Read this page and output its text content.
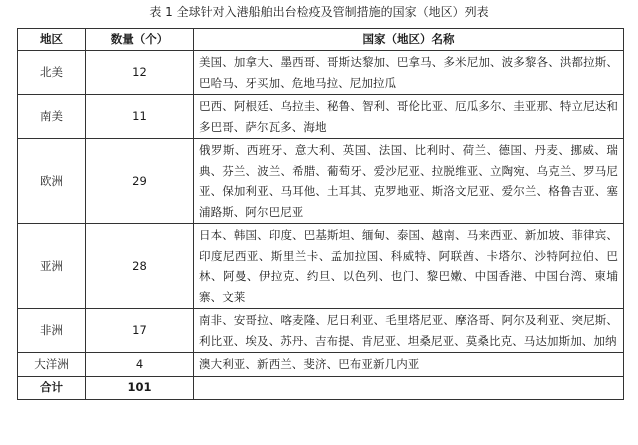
表 1 全球针对入港船舶出台检疫及管制措施的国家（地区）列表
地区	数量（个）	国家（地区）名称
北美	12	美国、加拿大、墨西哥、哥斯达黎加、巴拿马、多米尼加、波多黎各、洪都拉斯、巴哈马、牙买加、危地马拉、尼加拉瓜
南美	11	巴西、阿根廷、乌拉圭、秘鲁、智利、哥伦比亚、厄瓜多尔、圭亚那、特立尼达和多巴哥、萨尔瓦多、海地
欧洲	29	俄罗斯、西班牙、意大利、英国、法国、比利时、荷兰、德国、丹麦、挪威、瑞典、芬兰、波兰、希腊、葡萄牙、爱沙尼亚、拉脱维亚、立陶宛、乌克兰、罗马尼亚、保加利亚、马耳他、土耳其、克罗地亚、斯洛文尼亚、爱尔兰、格鲁吉亚、塞浦路斯、阿尔巴尼亚
亚洲	28	日本、韩国、印度、巴基斯坦、缅甸、泰国、越南、马来西亚、新加坡、菲律宾、印度尼西亚、斯里兰卡、孟加拉国、科威特、阿联酋、卡塔尔、沙特阿拉伯、巴林、阿曼、伊拉克、约旦、以色列、也门、黎巴嫩、中国香港、中国台湾、柬埔寨、文莱
非洲	17	南非、安哥拉、喀麦隆、尼日利亚、毛里塔尼亚、摩洛哥、阿尔及利亚、突尼斯、利比亚、埃及、苏丹、吉布提、肯尼亚、坦桑尼亚、莫桑比克、马达加斯加、加纳
大洋洲	4	澳大利亚、新西兰、斐济、巴布亚新几内亚
合计	101	
